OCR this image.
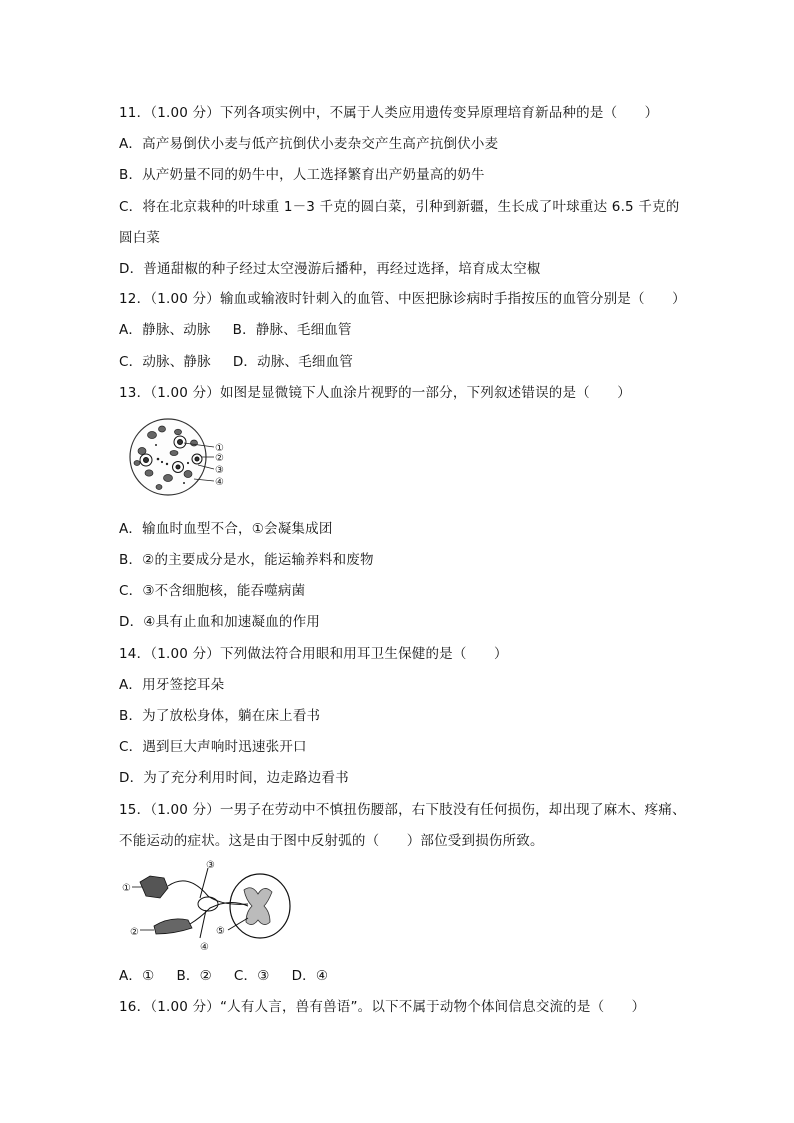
11．（1.00 分）下列各项实例中，不属于人类应用遗传变异原理培育新品种的是（　　）
A．高产易倒伏小麦与低产抗倒伏小麦杂交产生高产抗倒伏小麦
B．从产奶量不同的奶牛中，人工选择繁育出产奶量高的奶牛
C．将在北京栽种的叶球重 1－3 千克的圆白菜，引种到新疆，生长成了叶球重达 6.5 千克的
圆白菜
D．普通甜椒的种子经过太空漫游后播种，再经过选择，培育成太空椒
12．（1.00 分）输血或输液时针刺入的血管、中医把脉诊病时手指按压的血管分别是（　　）
A．静脉、动脉 B．静脉、毛细血管
C．动脉、静脉 D．动脉、毛细血管
13．（1.00 分）如图是显微镜下人血涂片视野的一部分，下列叙述错误的是（　　）
①
②
③
④
A．输血时血型不合，①会凝集成团
B．②的主要成分是水，能运输养料和废物
C．③不含细胞核，能吞噬病菌
D．④具有止血和加速凝血的作用
14．（1.00 分）下列做法符合用眼和用耳卫生保健的是（　　）
A．用牙签挖耳朵
B．为了放松身体，躺在床上看书
C．遇到巨大声响时迅速张开口
D．为了充分利用时间，边走路边看书
15．（1.00 分）一男子在劳动中不慎扭伤腰部，右下肢没有任何损伤，却出现了麻木、疼痛、
不能运动的症状。这是由于图中反射弧的（　　）部位受到损伤所致。
①
②
③
④
⑤
A．① B．② C．③ D．④
16．（1.00 分）“人有人言，兽有兽语”。以下不属于动物个体间信息交流的是（　　）
